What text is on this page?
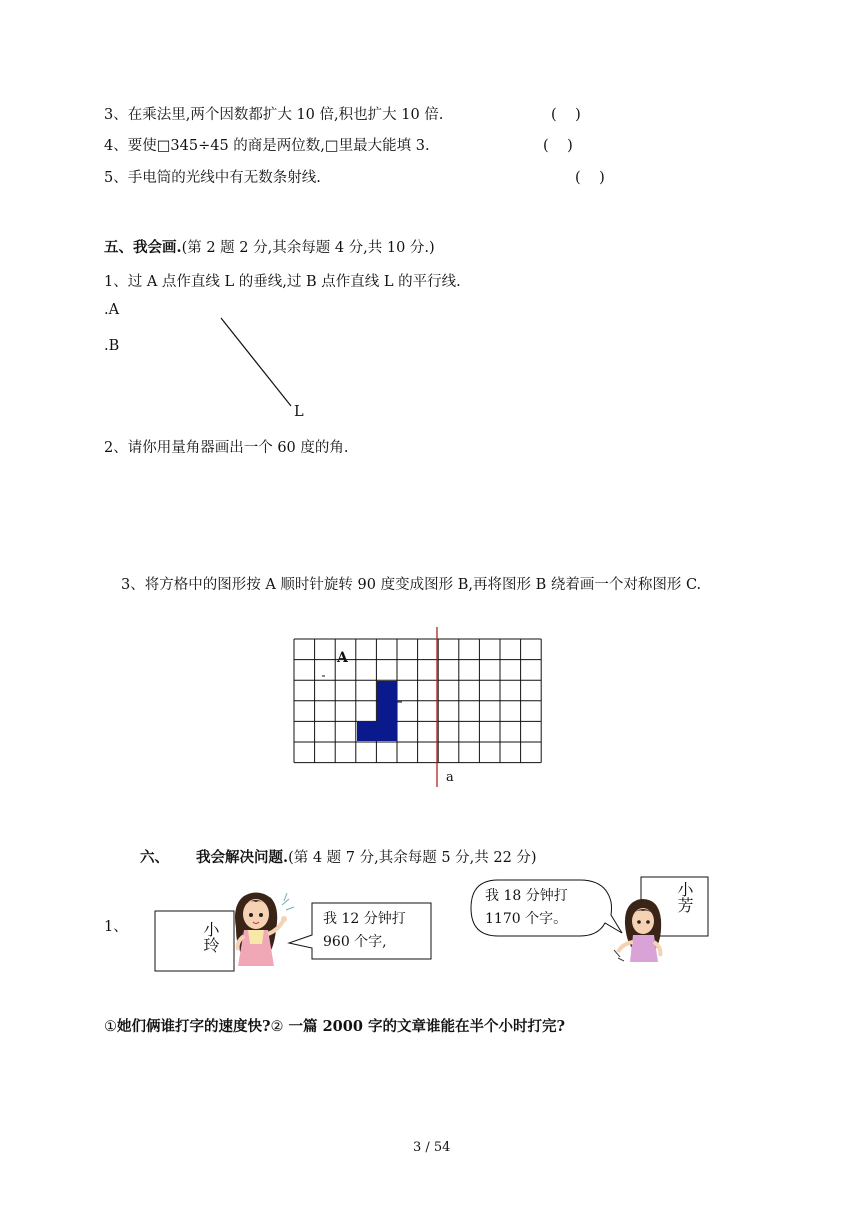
3、在乘法里,两个因数都扩大 10 倍,积也扩大 10 倍.	(    )
4、要使□345÷45 的商是两位数,□里最大能填 3.	(    )
5、手电筒的光线中有无数条射线.	(    )
五、我会画.(第 2 题 2 分,其余每题 4 分,共 10 分.)
1、过 A 点作直线 L 的垂线,过 B 点作直线 L 的平行线.
.A
.B
L
2、请你用量角器画出一个 60 度的角.
3、将方格中的图形按 A 顺时针旋转 90 度变成图形 B,再将图形 B 绕着画一个对称图形 C.
A
a
六、 我会解决问题.(第 4 题 7 分,其余每题 5 分,共 22 分)
1、	小玲
我 12 分钟打
960 个字,
我 18 分钟打
1170 个字。
小芳
①她们俩谁打字的速度快?② 一篇 2000 字的文章谁能在半个小时打完?
3 / 54
